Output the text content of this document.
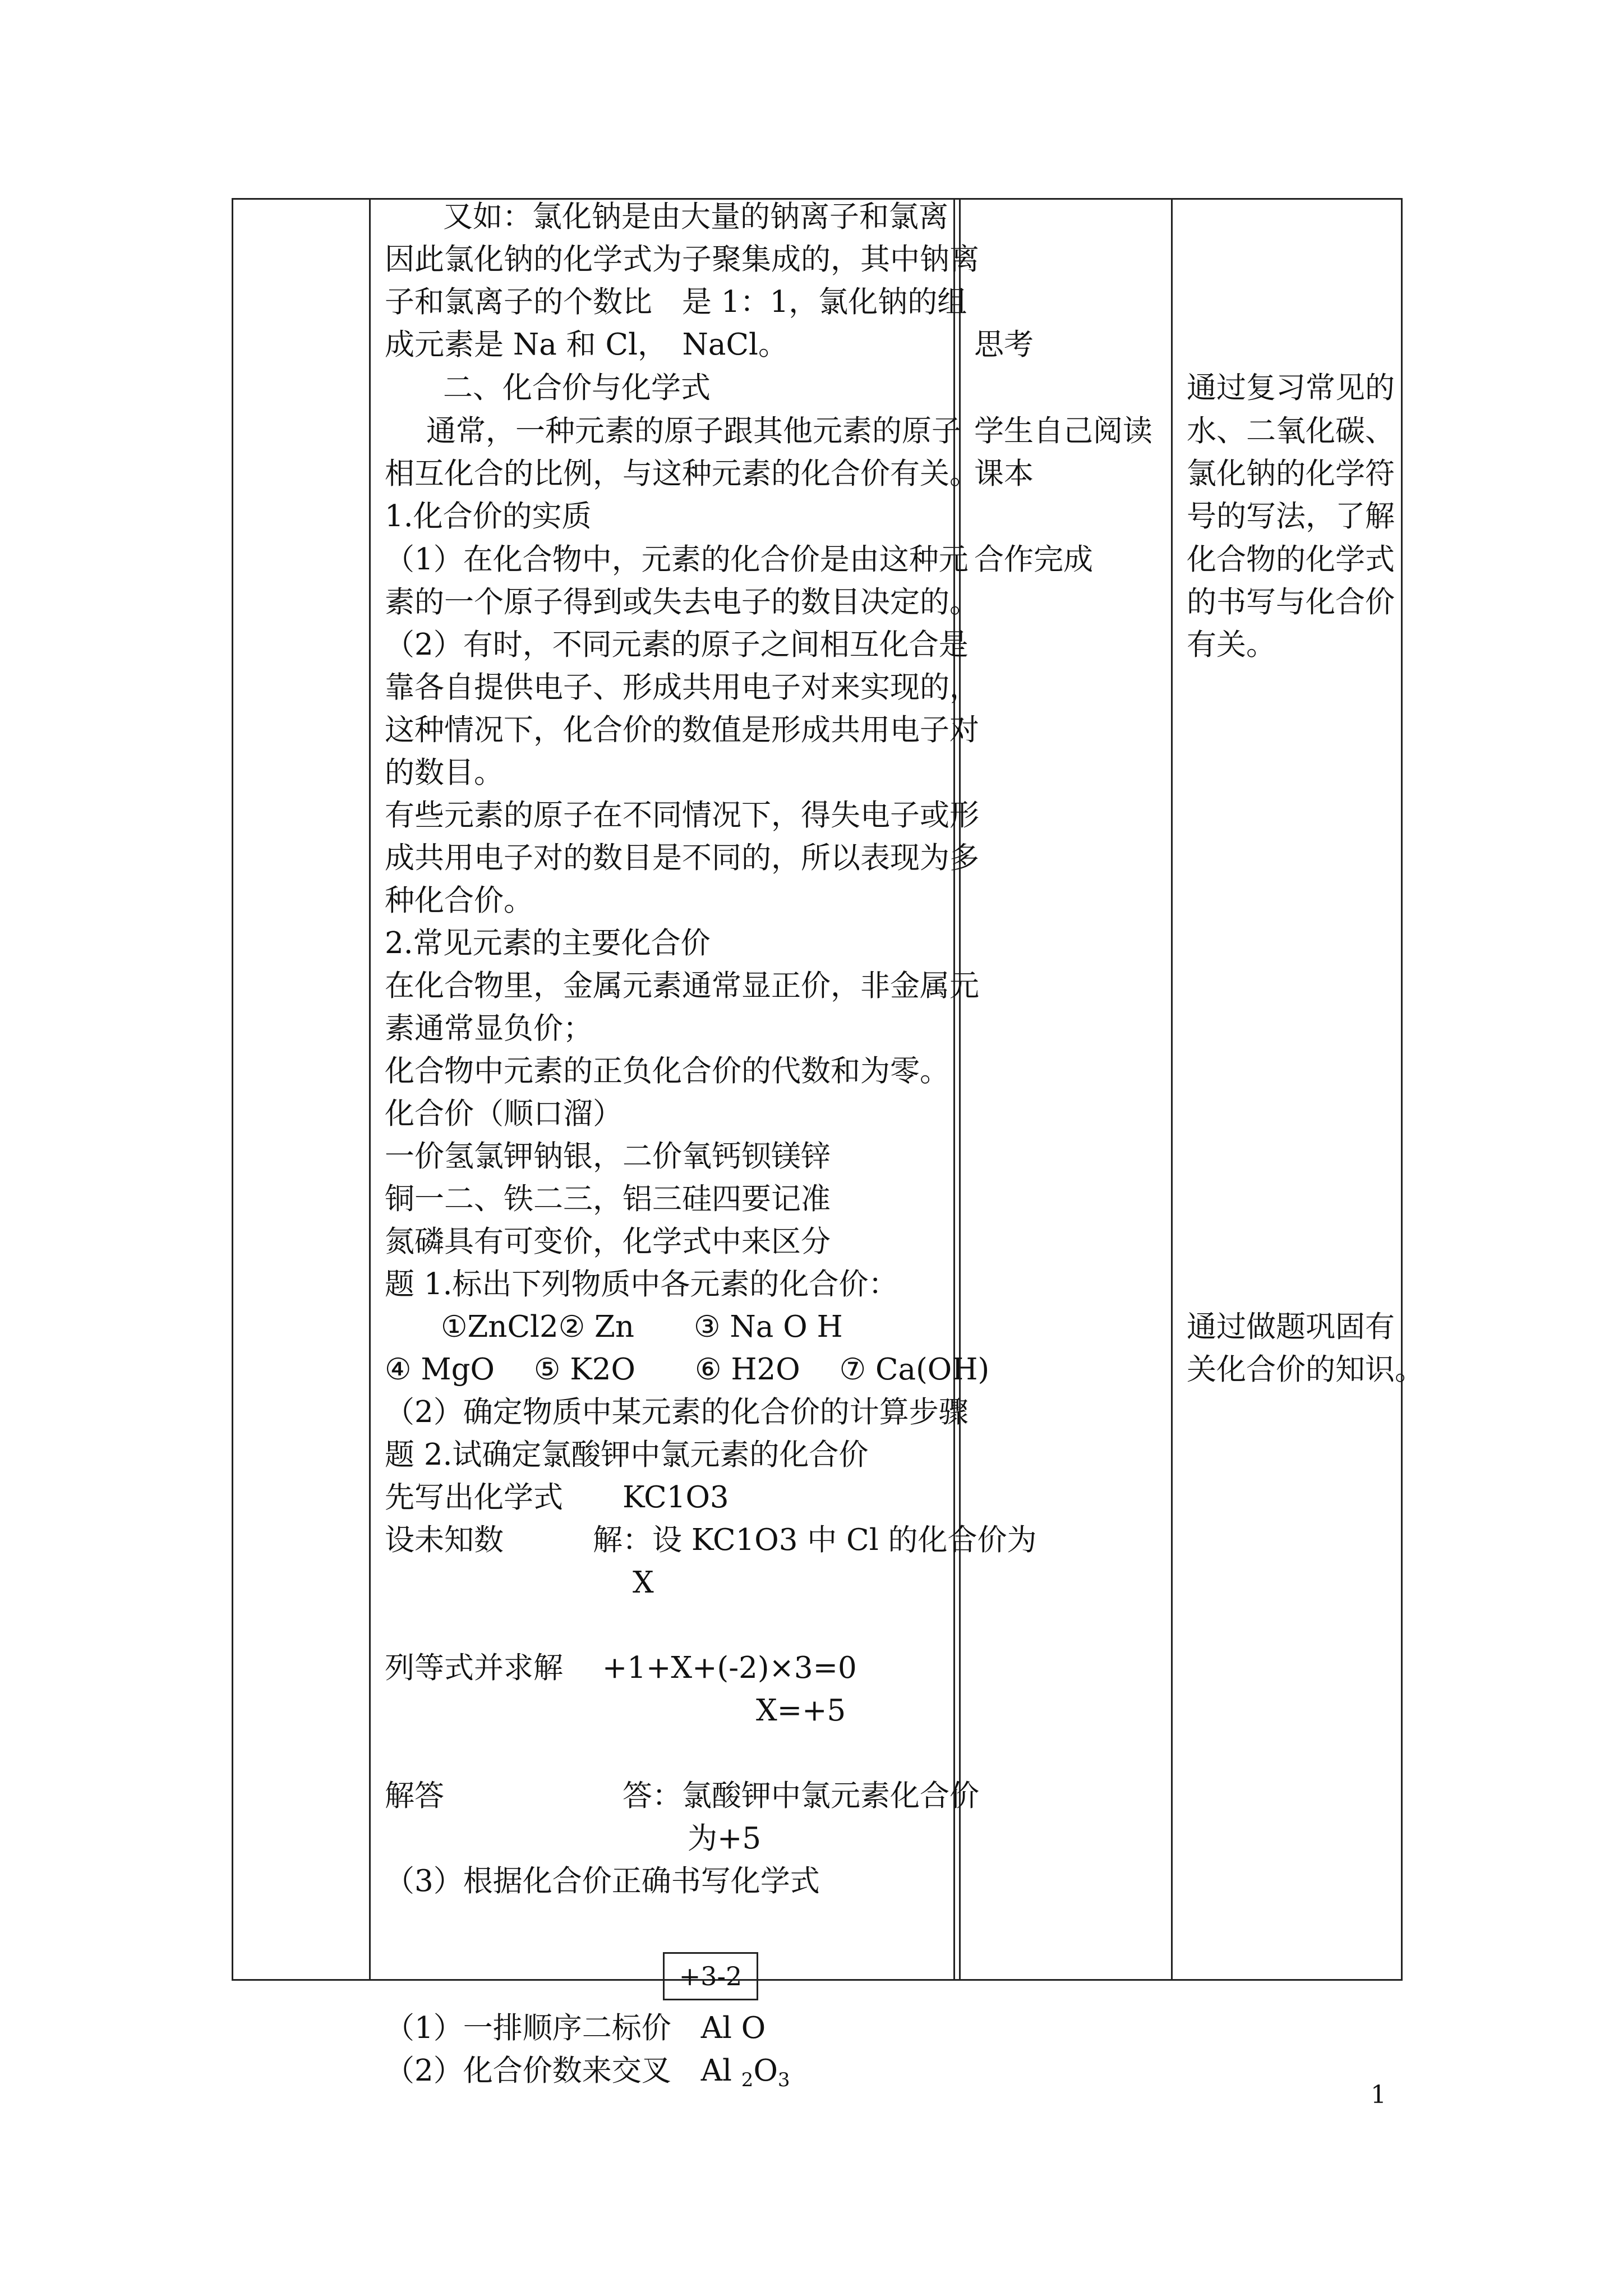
又如：氯化钠是由大量的钠离子和氯离
因此氯化钠的化学式为子聚集成的，其中钠离
子和氯离子的个数比　是 1：1，氯化钠的组
成元素是 Na 和 Cl，　NaCl。
二、化合价与化学式
通常，一种元素的原子跟其他元素的原子
相互化合的比例，与这种元素的化合价有关。
1.化合价的实质
（1）在化合物中，元素的化合价是由这种元
素的一个原子得到或失去电子的数目决定的。
（2）有时，不同元素的原子之间相互化合是
靠各自提供电子、形成共用电子对来实现的，
这种情况下，化合价的数值是形成共用电子对
的数目。
有些元素的原子在不同情况下，得失电子或形
成共用电子对的数目是不同的，所以表现为多
种化合价。
2.常见元素的主要化合价
在化合物里，金属元素通常显正价，非金属元
素通常显负价；
化合物中元素的正负化合价的代数和为零。
化合价（顺口溜）
一价氢氯钾钠银，二价氧钙钡镁锌
铜一二、铁二三，铝三硅四要记准
氮磷具有可变价，化学式中来区分
题 1.标出下列物质中各元素的化合价：
①ZnCl2② Zn　　③ Na O H
④ MgO　 ⑤ K2O　　⑥ H2O　 ⑦ Ca(OH)
（2）确定物质中某元素的化合价的计算步骤
题 2.试确定氯酸钾中氯元素的化合价
先写出化学式　　KC1O3
设未知数　　　解：设 KC1O3 中 Cl 的化合价为
X
列等式并求解　 +1+X+(-2)×3=0
X=+5
解答　　　　　　答：氯酸钾中氯元素化合价
为+5
（3）根据化合价正确书写化学式
+3-2
（1）一排顺序二标价　Al O
（2）化合价数来交叉　Al $_2O_3$
思考
学生自己阅读
课本
合作完成
通过复习常见的
水、二氧化碳、
氯化钠的化学符
号的写法，了解
化合物的化学式
的书写与化合价
有关。
通过做题巩固有
关化合价的知识。
1
